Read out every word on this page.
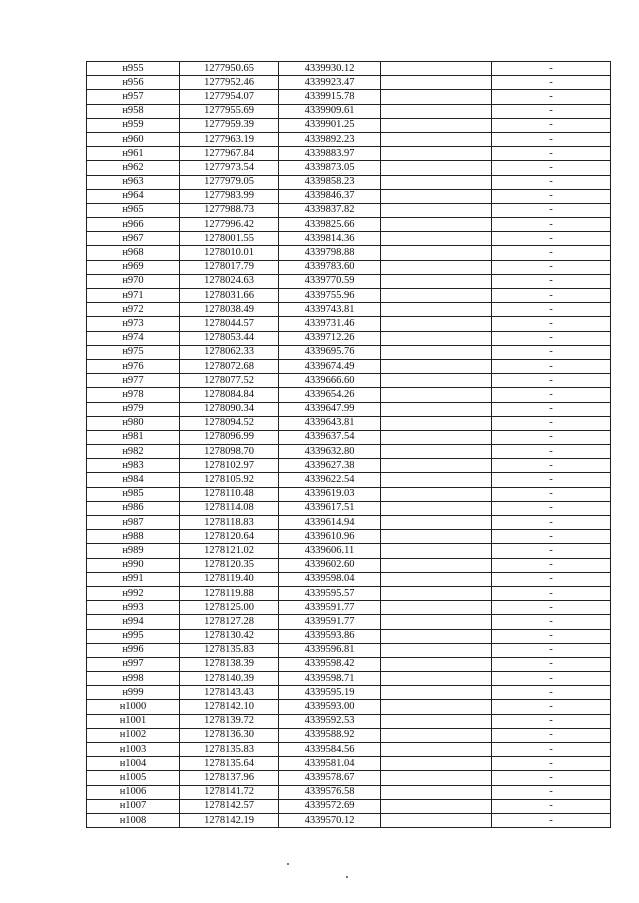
н955	1277950.65	4339930.12		-
н956	1277952.46	4339923.47		-
н957	1277954.07	4339915.78		-
н958	1277955.69	4339909.61		-
н959	1277959.39	4339901.25		-
н960	1277963.19	4339892.23		-
н961	1277967.84	4339883.97		-
н962	1277973.54	4339873.05		-
н963	1277979.05	4339858.23		-
н964	1277983.99	4339846.37		-
н965	1277988.73	4339837.82		-
н966	1277996.42	4339825.66		-
н967	1278001.55	4339814.36		-
н968	1278010.01	4339798.88		-
н969	1278017.79	4339783.60		-
н970	1278024.63	4339770.59		-
н971	1278031.66	4339755.96		-
н972	1278038.49	4339743.81		-
н973	1278044.57	4339731.46		-
н974	1278053.44	4339712.26		-
н975	1278062.33	4339695.76		-
н976	1278072.68	4339674.49		-
н977	1278077.52	4339666.60		-
н978	1278084.84	4339654.26		-
н979	1278090.34	4339647.99		-
н980	1278094.52	4339643.81		-
н981	1278096.99	4339637.54		-
н982	1278098.70	4339632.80		-
н983	1278102.97	4339627.38		-
н984	1278105.92	4339622.54		-
н985	1278110.48	4339619.03		-
н986	1278114.08	4339617.51		-
н987	1278118.83	4339614.94		-
н988	1278120.64	4339610.96		-
н989	1278121.02	4339606.11		-
н990	1278120.35	4339602.60		-
н991	1278119.40	4339598.04		-
н992	1278119.88	4339595.57		-
н993	1278125.00	4339591.77		-
н994	1278127.28	4339591.77		-
н995	1278130.42	4339593.86		-
н996	1278135.83	4339596.81		-
н997	1278138.39	4339598.42		-
н998	1278140.39	4339598.71		-
н999	1278143.43	4339595.19		-
н1000	1278142.10	4339593.00		-
н1001	1278139.72	4339592.53		-
н1002	1278136.30	4339588.92		-
н1003	1278135.83	4339584.56		-
н1004	1278135.64	4339581.04		-
н1005	1278137.96	4339578.67		-
н1006	1278141.72	4339576.58		-
н1007	1278142.57	4339572.69		-
н1008	1278142.19	4339570.12		-
